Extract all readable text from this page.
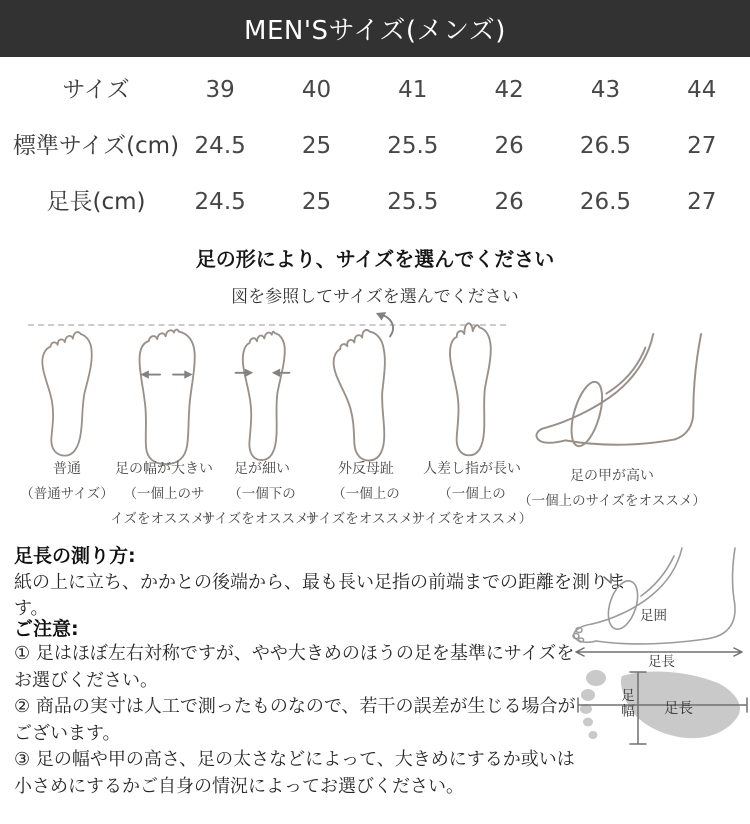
MEN'Sサイズ(メンズ)
サイズ	39	40	41	42	43	44
標準サイズ(cm) 24.5	25	25.5	26	26.5	27
足長(cm)	24.5	25	25.5	26	26.5	27
足の形により、サイズを選んでください
図を参照してサイズを選んでください
普通
（普通サイズ）
足の幅が大きい
（一個上のサ
イズをオススメ）
足が細い
（一個下の
サイズをオススメ）
外反母趾
（一個上の
サイズをオススメ）
人差し指が長い
（一個上の
サイズをオススメ）
足の甲が高い
（一個上のサイズをオススメ）
足長の測り方:
紙の上に立ち、かかとの後端から、最も長い足指の前端までの距離を測ります。
ご注意:
① 足はほぼ左右対称ですが、やや大きめのほうの足を基準にサイズを
お選びください。
② 商品の実寸は人工で測ったものなので、若干の誤差が生じる場合が
ございます。
③ 足の幅や甲の高さ、足の太さなどによって、大きめにするか或いは
小さめにするかご自身の情況によってお選びください。
足囲
足長
足幅 足長
